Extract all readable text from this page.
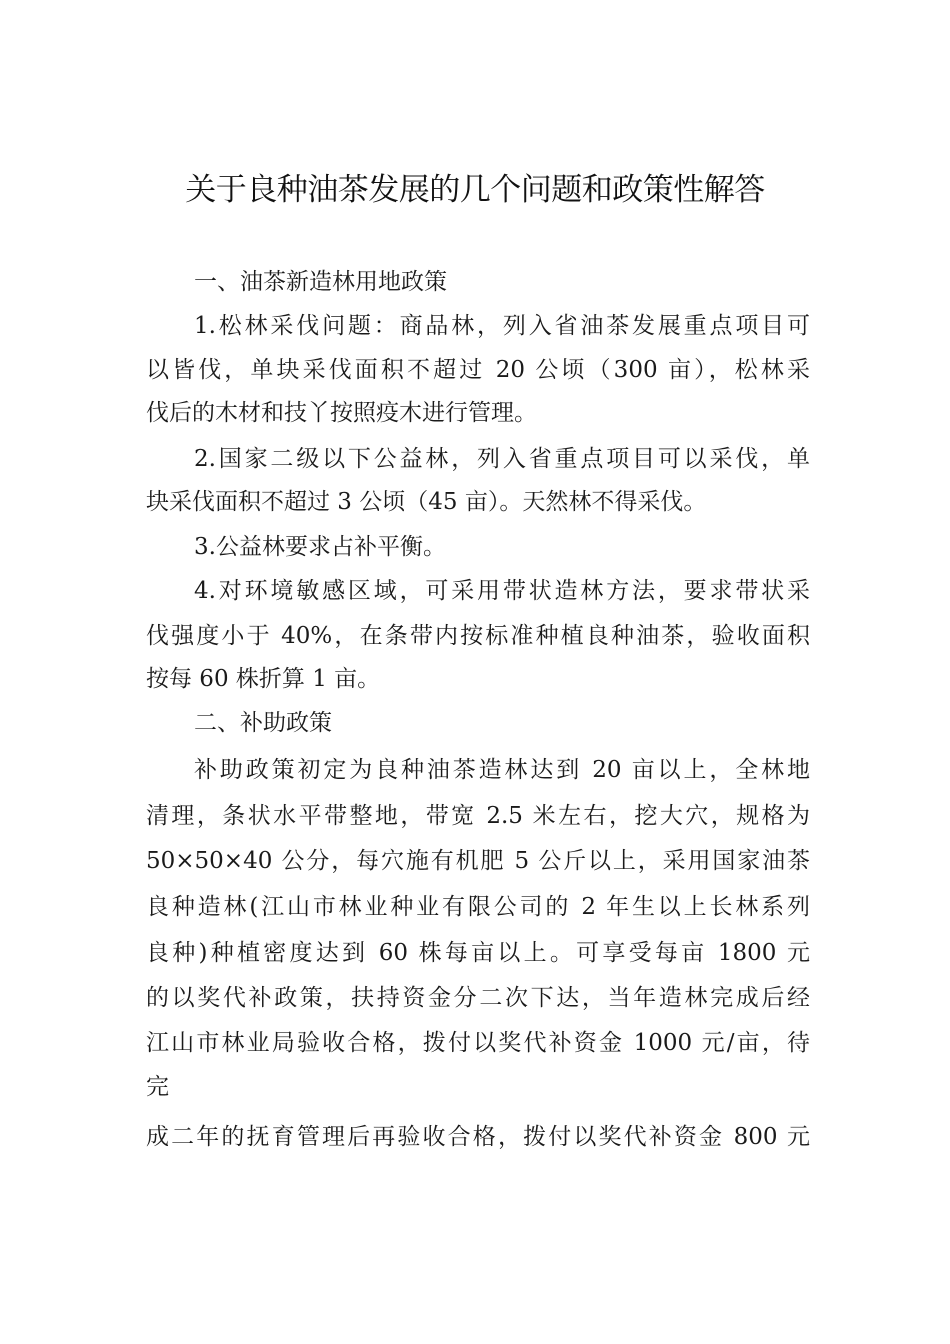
关于良种油茶发展的几个问题和政策性解答
一、油茶新造林用地政策
1.松林采伐问题：商品林，列入省油茶发展重点项目可
以皆伐，单块采伐面积不超过 20 公顷（300 亩），松林采
伐后的木材和技丫按照疫木进行管理。
2.国家二级以下公益林，列入省重点项目可以采伐，单
块采伐面积不超过 3 公顷（45 亩）。天然林不得采伐。
3.公益林要求占补平衡。
4.对环境敏感区域，可采用带状造林方法，要求带状采
伐强度小于 40%，在条带内按标准种植良种油茶，验收面积
按每 60 株折算 1 亩。
二、补助政策
补助政策初定为良种油茶造林达到 20 亩以上，全林地
清理，条状水平带整地，带宽 2.5 米左右，挖大穴，规格为
50×50×40 公分，每穴施有机肥 5 公斤以上，采用国家油茶
良种造林(江山市林业种业有限公司的 2 年生以上长林系列
良种)种植密度达到 60 株每亩以上。可享受每亩 1800 元
的以奖代补政策，扶持资金分二次下达，当年造林完成后经
江山市林业局验收合格，拨付以奖代补资金 1000 元/亩，待
完
成二年的抚育管理后再验收合格，拨付以奖代补资金 800 元
